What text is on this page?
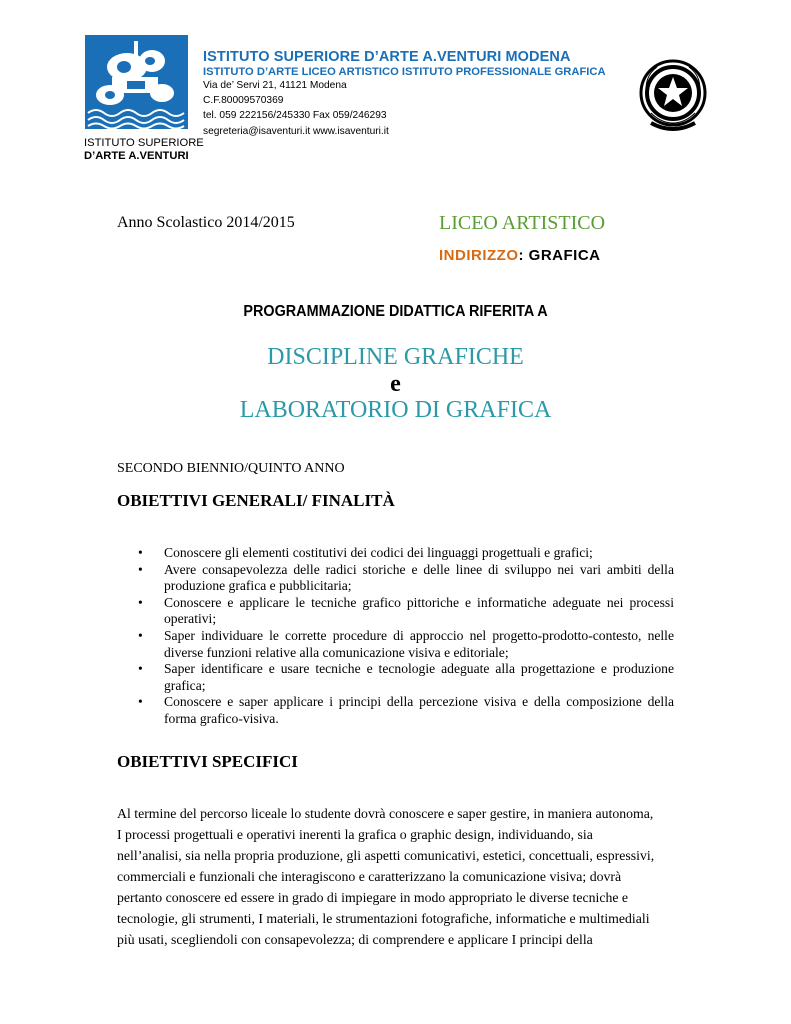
ISTITUTO SUPERIORE
D’ARTE A.VENTURI
ISTITUTO SUPERIORE D’ARTE A.VENTURI MODENA
ISTITUTO D’ARTE LICEO ARTISTICO ISTITUTO PROFESSIONALE GRAFICA
Via de’ Servi 21, 41121 Modena
C.F.80009570369
tel. 059 222156/245330 Fax 059/246293
segreteria@isaventuri.it www.isaventuri.it
Anno Scolastico 2014/2015	LICEO ARTISTICO
INDIRIZZO: GRAFICA
PROGRAMMAZIONE DIDATTICA RIFERITA A
DISCIPLINE GRAFICHE
e
LABORATORIO DI GRAFICA
SECONDO BIENNIO/QUINTO ANNO
OBIETTIVI GENERALI/ FINALITÀ
• Conoscere gli elementi costitutivi dei codici dei linguaggi progettuali e grafici;
• Avere consapevolezza delle radici storiche e delle linee di sviluppo nei vari ambiti della produzione grafica e pubblicitaria;
• Conoscere e applicare le tecniche grafico pittoriche e informatiche adeguate nei processi operativi;
• Saper individuare le corrette procedure di approccio nel progetto-prodotto-contesto, nelle diverse funzioni relative alla comunicazione visiva e editoriale;
• Saper identificare e usare tecniche e tecnologie adeguate alla progettazione e produzione grafica;
• Conoscere e saper applicare i principi della percezione visiva e della composizione della forma grafico-visiva.
OBIETTIVI SPECIFICI
Al termine del percorso liceale lo studente dovrà conoscere e saper gestire, in maniera autonoma,
I processi progettuali e operativi inerenti la grafica o graphic design, individuando, sia
nell’analisi, sia nella propria produzione, gli aspetti comunicativi, estetici, concettuali, espressivi,
commerciali e funzionali che interagiscono e caratterizzano la comunicazione visiva; dovrà
pertanto conoscere ed essere in grado di impiegare in modo appropriato le diverse tecniche e
tecnologie, gli strumenti, I materiali, le strumentazioni fotografiche, informatiche e multimediali
più usati, scegliendoli con consapevolezza; di comprendere e applicare I principi della
